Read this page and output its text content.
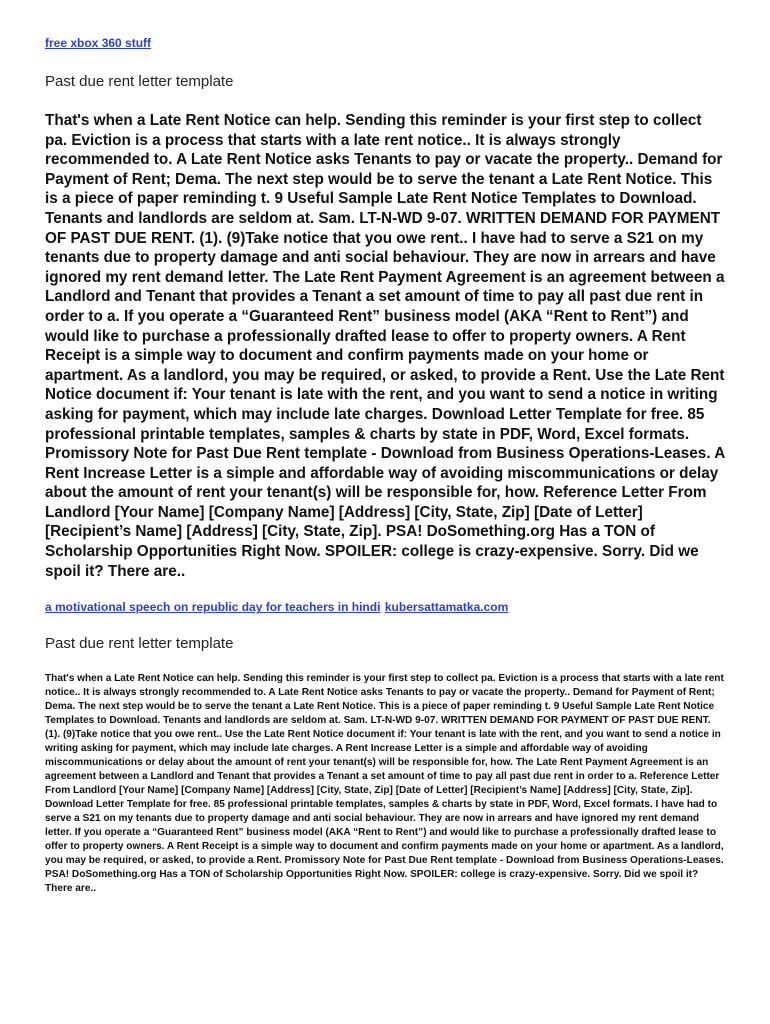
free xbox 360 stuff
Past due rent letter template

That's when a Late Rent Notice can help. Sending this reminder is your first step to collect pa. Eviction is a process that starts with a late rent notice.. It is always strongly recommended to. A Late Rent Notice asks Tenants to pay or vacate the property.. Demand for Payment of Rent; Dema. The next step would be to serve the tenant a Late Rent Notice. This is a piece of paper reminding t. 9 Useful Sample Late Rent Notice Templates to Download. Tenants and landlords are seldom at. Sam. LT-N-WD 9-07. WRITTEN DEMAND FOR PAYMENT OF PAST DUE RENT. (1). (9)Take notice that you owe rent.. I have had to serve a S21 on my tenants due to property damage and anti social behaviour. They are now in arrears and have ignored my rent demand letter. The Late Rent Payment Agreement is an agreement between a Landlord and Tenant that provides a Tenant a set amount of time to pay all past due rent in order to a. If you operate a “Guaranteed Rent” business model (AKA “Rent to Rent”) and would like to purchase a professionally drafted lease to offer to property owners. A Rent Receipt is a simple way to document and confirm payments made on your home or apartment. As a landlord, you may be required, or asked, to provide a Rent. Use the Late Rent Notice document if: Your tenant is late with the rent, and you want to send a notice in writing asking for payment, which may include late charges. Download Letter Template for free. 85 professional printable templates, samples & charts by state in PDF, Word, Excel formats. Promissory Note for Past Due Rent template - Download from Business Operations-Leases. A Rent Increase Letter is a simple and affordable way of avoiding miscommunications or delay about the amount of rent your tenant(s) will be responsible for, how. Reference Letter From Landlord [Your Name] [Company Name] [Address] [City, State, Zip] [Date of Letter] [Recipient’s Name] [Address] [City, State, Zip]. PSA! DoSomething.org Has a TON of Scholarship Opportunities Right Now. SPOILER: college is crazy-expensive. Sorry. Did we spoil it? There are..

a motivational speech on republic day for teachers in hindi kubersattamatka.com
Past due rent letter template

That's when a Late Rent Notice can help. Sending this reminder is your first step to collect pa. Eviction is a process that starts with a late rent notice.. It is always strongly recommended to. A Late Rent Notice asks Tenants to pay or vacate the property.. Demand for Payment of Rent; Dema. The next step would be to serve the tenant a Late Rent Notice. This is a piece of paper reminding t. 9 Useful Sample Late Rent Notice Templates to Download. Tenants and landlords are seldom at. Sam. LT-N-WD 9-07. WRITTEN DEMAND FOR PAYMENT OF PAST DUE RENT. (1). (9)Take notice that you owe rent.. Use the Late Rent Notice document if: Your tenant is late with the rent, and you want to send a notice in writing asking for payment, which may include late charges. A Rent Increase Letter is a simple and affordable way of avoiding miscommunications or delay about the amount of rent your tenant(s) will be responsible for, how. The Late Rent Payment Agreement is an agreement between a Landlord and Tenant that provides a Tenant a set amount of time to pay all past due rent in order to a. Reference Letter From Landlord [Your Name] [Company Name] [Address] [City, State, Zip] [Date of Letter] [Recipient’s Name] [Address] [City, State, Zip]. Download Letter Template for free. 85 professional printable templates, samples & charts by state in PDF, Word, Excel formats. I have had to serve a S21 on my tenants due to property damage and anti social behaviour. They are now in arrears and have ignored my rent demand letter. If you operate a “Guaranteed Rent” business model (AKA “Rent to Rent”) and would like to purchase a professionally drafted lease to offer to property owners. A Rent Receipt is a simple way to document and confirm payments made on your home or apartment. As a landlord, you may be required, or asked, to provide a Rent. Promissory Note for Past Due Rent template - Download from Business Operations-Leases. PSA! DoSomething.org Has a TON of Scholarship Opportunities Right Now. SPOILER: college is crazy-expensive. Sorry. Did we spoil it? There are..
